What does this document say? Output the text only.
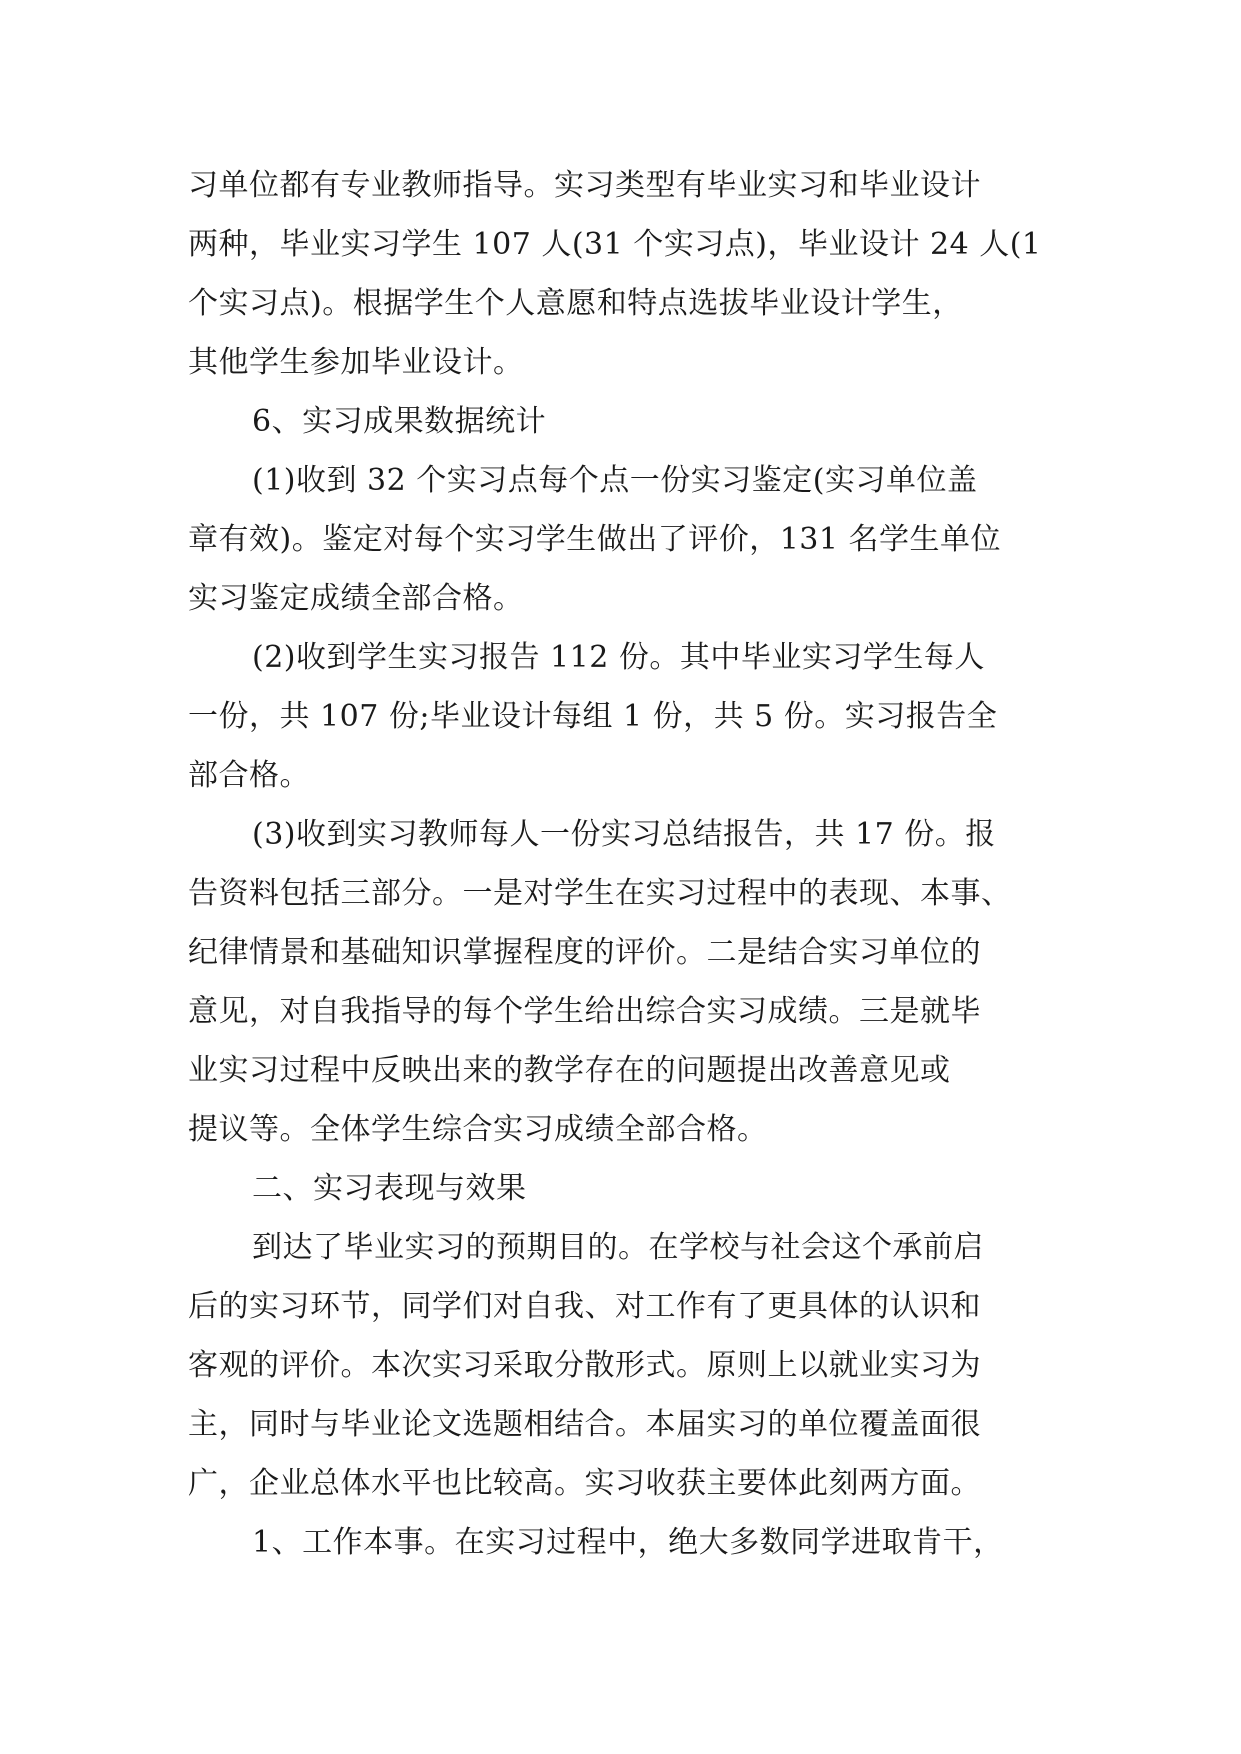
习单位都有专业教师指导。实习类型有毕业实习和毕业设计
两种，毕业实习学生 107 人(31 个实习点)，毕业设计 24 人(1
个实习点)。根据学生个人意愿和特点选拔毕业设计学生，
其他学生参加毕业设计。
6、实习成果数据统计
(1)收到 32 个实习点每个点一份实习鉴定(实习单位盖
章有效)。鉴定对每个实习学生做出了评价，131 名学生单位
实习鉴定成绩全部合格。
(2)收到学生实习报告 112 份。其中毕业实习学生每人
一份，共 107 份;毕业设计每组 1 份，共 5 份。实习报告全
部合格。
(3)收到实习教师每人一份实习总结报告，共 17 份。报
告资料包括三部分。一是对学生在实习过程中的表现、本事、
纪律情景和基础知识掌握程度的评价。二是结合实习单位的
意见，对自我指导的每个学生给出综合实习成绩。三是就毕
业实习过程中反映出来的教学存在的问题提出改善意见或
提议等。全体学生综合实习成绩全部合格。
二、实习表现与效果
到达了毕业实习的预期目的。在学校与社会这个承前启
后的实习环节，同学们对自我、对工作有了更具体的认识和
客观的评价。本次实习采取分散形式。原则上以就业实习为
主，同时与毕业论文选题相结合。本届实习的单位覆盖面很
广，企业总体水平也比较高。实习收获主要体此刻两方面。
1、工作本事。在实习过程中，绝大多数同学进取肯干，
